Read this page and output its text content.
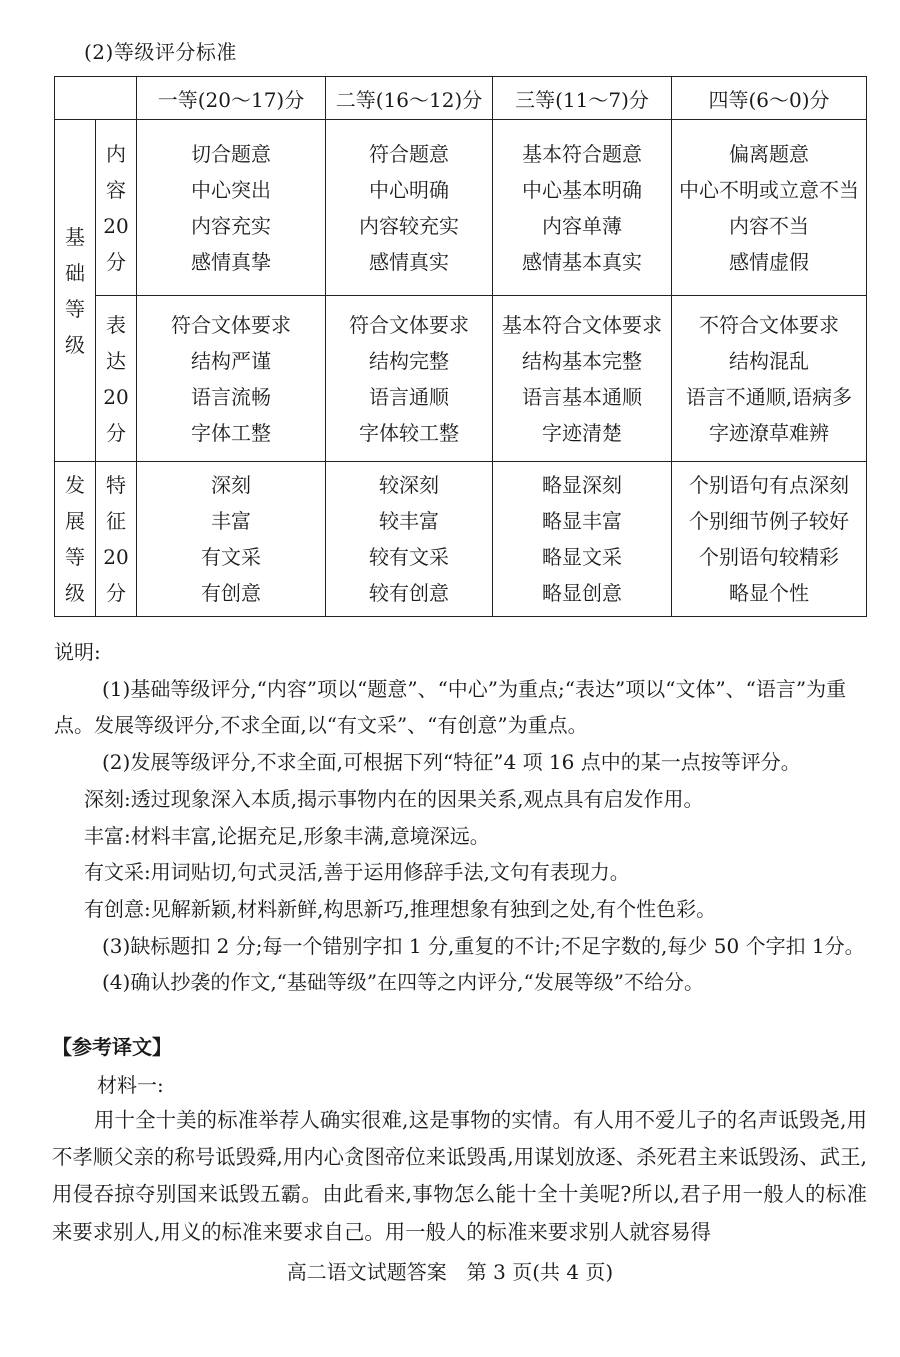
(2)等级评分标准
		一等(20～17)分	二等(16～12)分	三等(11～7)分	四等(6～0)分

基
础
等
级	内
容
20
分	切合题意
中心突出
内容充实
感情真挚	符合题意
中心明确
内容较充实
感情真实	基本符合题意
中心基本明确
内容单薄
感情基本真实	偏离题意
中心不明或立意不当
内容不当
感情虚假

	表
达
20
分	符合文体要求
结构严谨
语言流畅
字体工整	符合文体要求
结构完整
语言通顺
字体较工整	基本符合文体要求
结构基本完整
语言基本通顺
字迹清楚	不符合文体要求
结构混乱
语言不通顺,语病多
字迹潦草难辨

发
展
等
级	特
征
20
分	深刻
丰富
有文采
有创意	较深刻
较丰富
较有文采
较有创意	略显深刻
略显丰富
略显文采
略显创意	个别语句有点深刻
个别细节例子较好
个别语句较精彩
略显个性

说明:

(1)基础等级评分,“内容”项以“题意”、“中心”为重点;“表达”项以“文体”、“语言”为重点。发展等级评分,不求全面,以“有文采”、“有创意”为重点。

(2)发展等级评分,不求全面,可根据下列“特征”4 项 16 点中的某一点按等评分。

深刻:透过现象深入本质,揭示事物内在的因果关系,观点具有启发作用。

丰富:材料丰富,论据充足,形象丰满,意境深远。

有文采:用词贴切,句式灵活,善于运用修辞手法,文句有表现力。

有创意:见解新颖,材料新鲜,构思新巧,推理想象有独到之处,有个性色彩。

(3)缺标题扣 2 分;每一个错别字扣 1 分,重复的不计;不足字数的,每少 50 个字扣 1分。

(4)确认抄袭的作文,“基础等级”在四等之内评分,“发展等级”不给分。

【参考译文】
材料一:

用十全十美的标准举荐人确实很难,这是事物的实情。有人用不爱儿子的名声诋毁尧,用不孝顺父亲的称号诋毁舜,用内心贪图帝位来诋毁禹,用谋划放逐、杀死君主来诋毁汤、武王,用侵吞掠夺别国来诋毁五霸。由此看来,事物怎么能十全十美呢?所以,君子用一般人的标准来要求别人,用义的标准来要求自己。用一般人的标准来要求别人就容易得

高二语文试题答案　第 3 页(共 4 页)
